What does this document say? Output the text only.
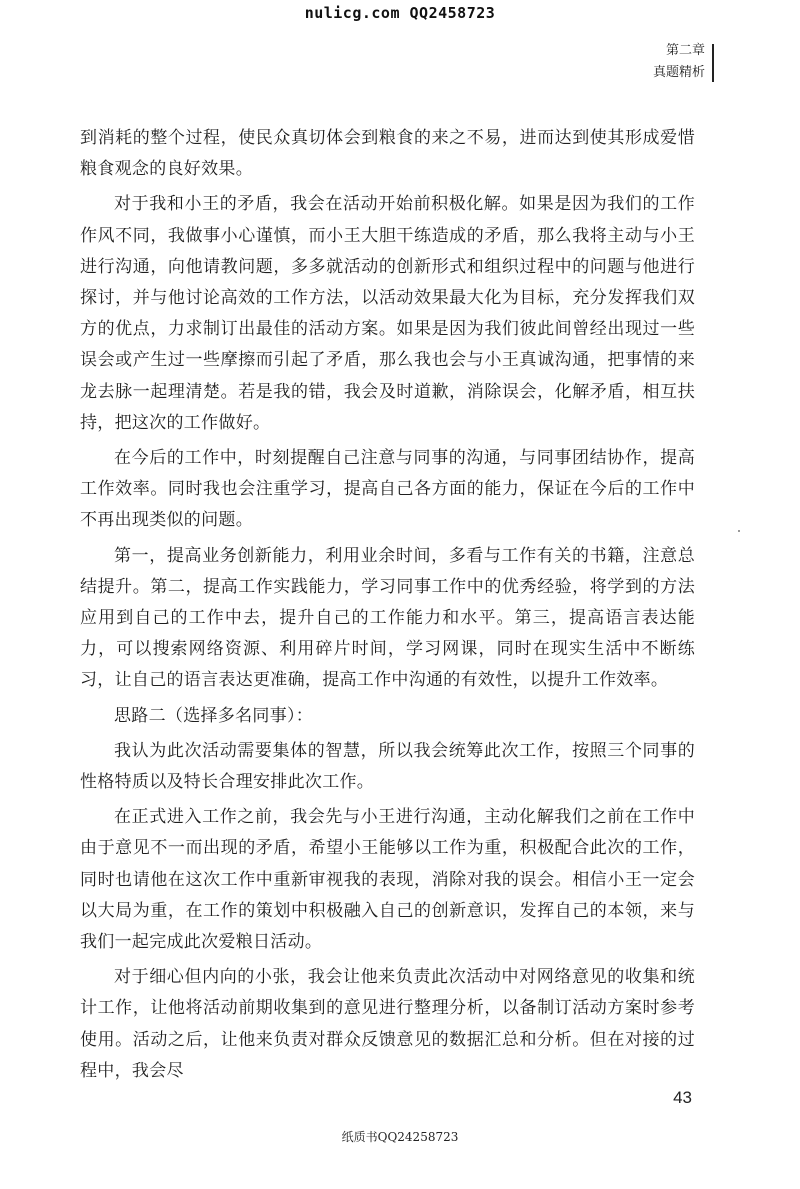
nulicg.com QQ2458723
第二章
真题精析

到消耗的整个过程，使民众真切体会到粮食的来之不易，进而达到使其形成爱惜粮食观念的良好效果。

对于我和小王的矛盾，我会在活动开始前积极化解。如果是因为我们的工作作风不同，我做事小心谨慎，而小王大胆干练造成的矛盾，那么我将主动与小王进行沟通，向他请教问题，多多就活动的创新形式和组织过程中的问题与他进行探讨，并与他讨论高效的工作方法，以活动效果最大化为目标，充分发挥我们双方的优点，力求制订出最佳的活动方案。如果是因为我们彼此间曾经出现过一些误会或产生过一些摩擦而引起了矛盾，那么我也会与小王真诚沟通，把事情的来龙去脉一起理清楚。若是我的错，我会及时道歉，消除误会，化解矛盾，相互扶持，把这次的工作做好。

在今后的工作中，时刻提醒自己注意与同事的沟通，与同事团结协作，提高工作效率。同时我也会注重学习，提高自己各方面的能力，保证在今后的工作中不再出现类似的问题。

第一，提高业务创新能力，利用业余时间，多看与工作有关的书籍，注意总结提升。第二，提高工作实践能力，学习同事工作中的优秀经验，将学到的方法应用到自己的工作中去，提升自己的工作能力和水平。第三，提高语言表达能力，可以搜索网络资源、利用碎片时间，学习网课，同时在现实生活中不断练习，让自己的语言表达更准确，提高工作中沟通的有效性，以提升工作效率。

思路二（选择多名同事）：

我认为此次活动需要集体的智慧，所以我会统筹此次工作，按照三个同事的性格特质以及特长合理安排此次工作。

在正式进入工作之前，我会先与小王进行沟通，主动化解我们之前在工作中由于意见不一而出现的矛盾，希望小王能够以工作为重，积极配合此次的工作，同时也请他在这次工作中重新审视我的表现，消除对我的误会。相信小王一定会以大局为重，在工作的策划中积极融入自己的创新意识，发挥自己的本领，来与我们一起完成此次爱粮日活动。

对于细心但内向的小张，我会让他来负责此次活动中对网络意见的收集和统计工作，让他将活动前期收集到的意见进行整理分析，以备制订活动方案时参考使用。活动之后，让他来负责对群众反馈意见的数据汇总和分析。但在对接的过程中，我会尽

43
纸质书QQ24258723
